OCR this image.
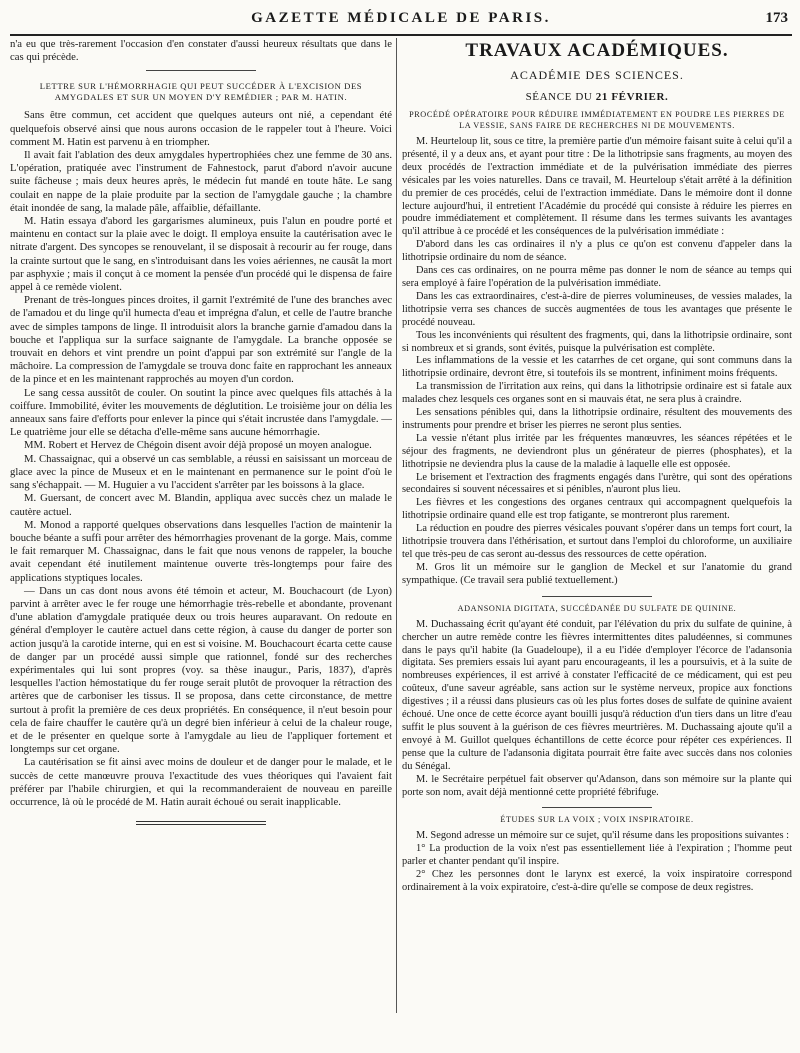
GAZETTE MÉDICALE DE PARIS.	173

n'a eu que très-rarement l'occasion d'en constater d'aussi heureux résultats que dans le cas qui précède.

LETTRE SUR L'HÉMORRHAGIE QUI PEUT SUCCÉDER À L'EXCISION DES AMYGDALES ET SUR UN MOYEN D'Y REMÉDIER ; PAR M. HATIN.

Sans être commun, cet accident que quelques auteurs ont nié, a cependant été quelquefois observé ainsi que nous aurons occasion de le rappeler tout à l'heure. Voici comment M. Hatin est parvenu à en triompher.

Il avait fait l'ablation des deux amygdales hypertrophiées chez une femme de 30 ans. L'opération, pratiquée avec l'instrument de Fahnestock, parut d'abord n'avoir aucune suite fâcheuse ; mais deux heures après, le médecin fut mandé en toute hâte. Le sang coulait en nappe de la plaie produite par la section de l'amygdale gauche ; la chambre était inondée de sang, la malade pâle, affaiblie, défaillante.

M. Hatin essaya d'abord les gargarismes alumineux, puis l'alun en poudre porté et maintenu en contact sur la plaie avec le doigt. Il employa ensuite la cautérisation avec le nitrate d'argent. Des syncopes se renouvelant, il se disposait à recourir au fer rouge, dans la crainte surtout que le sang, en s'introduisant dans les voies aériennes, ne causât la mort par asphyxie ; mais il conçut à ce moment la pensée d'un procédé qui le dispensa de faire appel à ce remède violent.

Prenant de très-longues pinces droites, il garnit l'extrémité de l'une des branches avec de l'amadou et du linge qu'il humecta d'eau et imprégna d'alun, et celle de l'autre branche avec de simples tampons de linge. Il introduisit alors la branche garnie d'amadou dans la bouche et l'appliqua sur la surface saignante de l'amygdale. La branche opposée se trouvait en dehors et vint prendre un point d'appui par son extrémité sur l'angle de la mâchoire. La compression de l'amygdale se trouva donc faite en rapprochant les anneaux de la pince et en les maintenant rapprochés au moyen d'un cordon.

Le sang cessa aussitôt de couler. On soutint la pince avec quelques fils attachés à la coiffure. Immobilité, éviter les mouvements de déglutition. Le troisième jour on délia les anneaux sans faire d'efforts pour enlever la pince qui s'était incrustée dans l'amygdale. — Le quatrième jour elle se détacha d'elle-même sans aucune hémorrhagie.

MM. Robert et Hervez de Chégoin disent avoir déjà proposé un moyen analogue.

M. Chassaignac, qui a observé un cas semblable, a réussi en saisissant un morceau de glace avec la pince de Museux et en le maintenant en permanence sur le point d'où le sang s'échappait. — M. Huguier a vu l'accident s'arrêter par les boissons à la glace.

M. Guersant, de concert avec M. Blandin, appliqua avec succès chez un malade le cautère actuel.

M. Monod a rapporté quelques observations dans lesquelles l'action de maintenir la bouche béante a suffi pour arrêter des hémorrhagies provenant de la gorge. Mais, comme le fait remarquer M. Chassaignac, dans le fait que nous venons de rappeler, la bouche avait cependant été inutilement maintenue ouverte très-longtemps pour faire des applications styptiques locales.

— Dans un cas dont nous avons été témoin et acteur, M. Bouchacourt (de Lyon) parvint à arrêter avec le fer rouge une hémorrhagie très-rebelle et abondante, provenant d'une ablation d'amygdale pratiquée deux ou trois heures auparavant. On redoute en général d'employer le cautère actuel dans cette région, à cause du danger de porter son action jusqu'à la carotide interne, qui en est si voisine. M. Bouchacourt écarta cette cause de danger par un procédé aussi simple que rationnel, fondé sur des recherches expérimentales qui lui sont propres (voy. sa thèse inaugur., Paris, 1837), d'après lesquelles l'action hémostatique du fer rouge serait plutôt de provoquer la rétraction des artères que de carboniser les tissus. Il se proposa, dans cette circonstance, de mettre surtout à profit la première de ces deux propriétés. En conséquence, il n'eut besoin pour cela de faire chauffer le cautère qu'à un degré bien inférieur à celui de la chaleur rouge, et de le présenter en quelque sorte à l'amygdale au lieu de l'appliquer fortement et longtemps sur cet organe.

La cautérisation se fit ainsi avec moins de douleur et de danger pour le malade, et le succès de cette manœuvre prouva l'exactitude des vues théoriques qui l'avaient fait préférer par l'habile chirurgien, et qui la recommanderaient de nouveau en pareille occurrence, là où le procédé de M. Hatin aurait échoué ou serait inapplicable.

TRAVAUX ACADÉMIQUES.
ACADÉMIE DES SCIENCES.
SÉANCE DU 21 FÉVRIER.
PROCÉDÉ OPÉRATOIRE POUR RÉDUIRE IMMÉDIATEMENT EN POUDRE LES PIERRES DE LA VESSIE, SANS FAIRE DE RECHERCHES NI DE MOUVEMENTS.

M. Heurteloup lit, sous ce titre, la première partie d'un mémoire faisant suite à celui qu'il a présenté, il y a deux ans, et ayant pour titre : De la lithotripsie sans fragments, au moyen des deux procédés de l'extraction immédiate et de la pulvérisation immédiate des pierres vésicales par les voies naturelles. Dans ce travail, M. Heurteloup s'était arrêté à la définition du premier de ces procédés, celui de l'extraction immédiate. Dans le mémoire dont il donne lecture aujourd'hui, il entretient l'Académie du procédé qui consiste à réduire les pierres en poudre immédiatement et complètement. Il résume dans les termes suivants les avantages qu'il attribue à ce procédé et les conséquences de la pulvérisation immédiate :

D'abord dans les cas ordinaires il n'y a plus ce qu'on est convenu d'appeler dans la lithotripsie ordinaire du nom de séance.

Dans ces cas ordinaires, on ne pourra même pas donner le nom de séance au temps qui sera employé à faire l'opération de la pulvérisation immédiate.

Dans les cas extraordinaires, c'est-à-dire de pierres volumineuses, de vessies malades, la lithotripsie verra ses chances de succès augmentées de tous les avantages que présente le procédé nouveau.

Tous les inconvénients qui résultent des fragments, qui, dans la lithotripsie ordinaire, sont si nombreux et si grands, sont évités, puisque la pulvérisation est complète.

Les inflammations de la vessie et les catarrhes de cet organe, qui sont communs dans la lithotripsie ordinaire, devront être, si toutefois ils se montrent, infiniment moins fréquents.

La transmission de l'irritation aux reins, qui dans la lithotripsie ordinaire est si fatale aux malades chez lesquels ces organes sont en si mauvais état, ne sera plus à craindre.

Les sensations pénibles qui, dans la lithotripsie ordinaire, résultent des mouvements des instruments pour prendre et briser les pierres ne seront plus senties.

La vessie n'étant plus irritée par les fréquentes manœuvres, les séances répétées et le séjour des fragments, ne deviendront plus un générateur de pierres (phosphates), et la lithotripsie ne deviendra plus la cause de la maladie à laquelle elle est opposée.

Le brisement et l'extraction des fragments engagés dans l'urètre, qui sont des opérations secondaires si souvent nécessaires et si pénibles, n'auront plus lieu.

Les fièvres et les congestions des organes centraux qui accompagnent quelquefois la lithotripsie ordinaire quand elle est trop fatigante, se montreront plus rarement.

La réduction en poudre des pierres vésicales pouvant s'opérer dans un temps fort court, la lithotripsie trouvera dans l'éthérisation, et surtout dans l'emploi du chloroforme, un auxiliaire tel que très-peu de cas seront au-dessus des ressources de cette opération.

M. Gros lit un mémoire sur le ganglion de Meckel et sur l'anatomie du grand sympathique. (Ce travail sera publié textuellement.)

ADANSONIA DIGITATA, SUCCÉDANÉE DU SULFATE DE QUININE.

M. Duchassaing écrit qu'ayant été conduit, par l'élévation du prix du sulfate de quinine, à chercher un autre remède contre les fièvres intermittentes dites paludéennes, si communes dans le pays qu'il habite (la Guadeloupe), il a eu l'idée d'employer l'écorce de l'adansonia digitata. Ses premiers essais lui ayant paru encourageants, il les a poursuivis, et à la suite de nombreuses expériences, il est arrivé à constater l'efficacité de ce médicament, qui est peu coûteux, d'une saveur agréable, sans action sur le système nerveux, propice aux fonctions digestives ; il a réussi dans plusieurs cas où les plus fortes doses de sulfate de quinine avaient échoué. Une once de cette écorce ayant bouilli jusqu'à réduction d'un tiers dans un litre d'eau suffit le plus souvent à la guérison de ces fièvres meurtrières. M. Duchassaing ajoute qu'il a envoyé à M. Guillot quelques échantillons de cette écorce pour répéter ces expériences. Il pense que la culture de l'adansonia digitata pourrait être faite avec succès dans nos colonies du Sénégal.

M. le Secrétaire perpétuel fait observer qu'Adanson, dans son mémoire sur la plante qui porte son nom, avait déjà mentionné cette propriété fébrifuge.

ÉTUDES SUR LA VOIX ; VOIX INSPIRATOIRE.

M. Segond adresse un mémoire sur ce sujet, qu'il résume dans les propositions suivantes :

1° La production de la voix n'est pas essentiellement liée à l'expiration ; l'homme peut parler et chanter pendant qu'il inspire.

2° Chez les personnes dont le larynx est exercé, la voix inspiratoire correspond ordinairement à la voix expiratoire, c'est-à-dire qu'elle se compose de deux registres.
